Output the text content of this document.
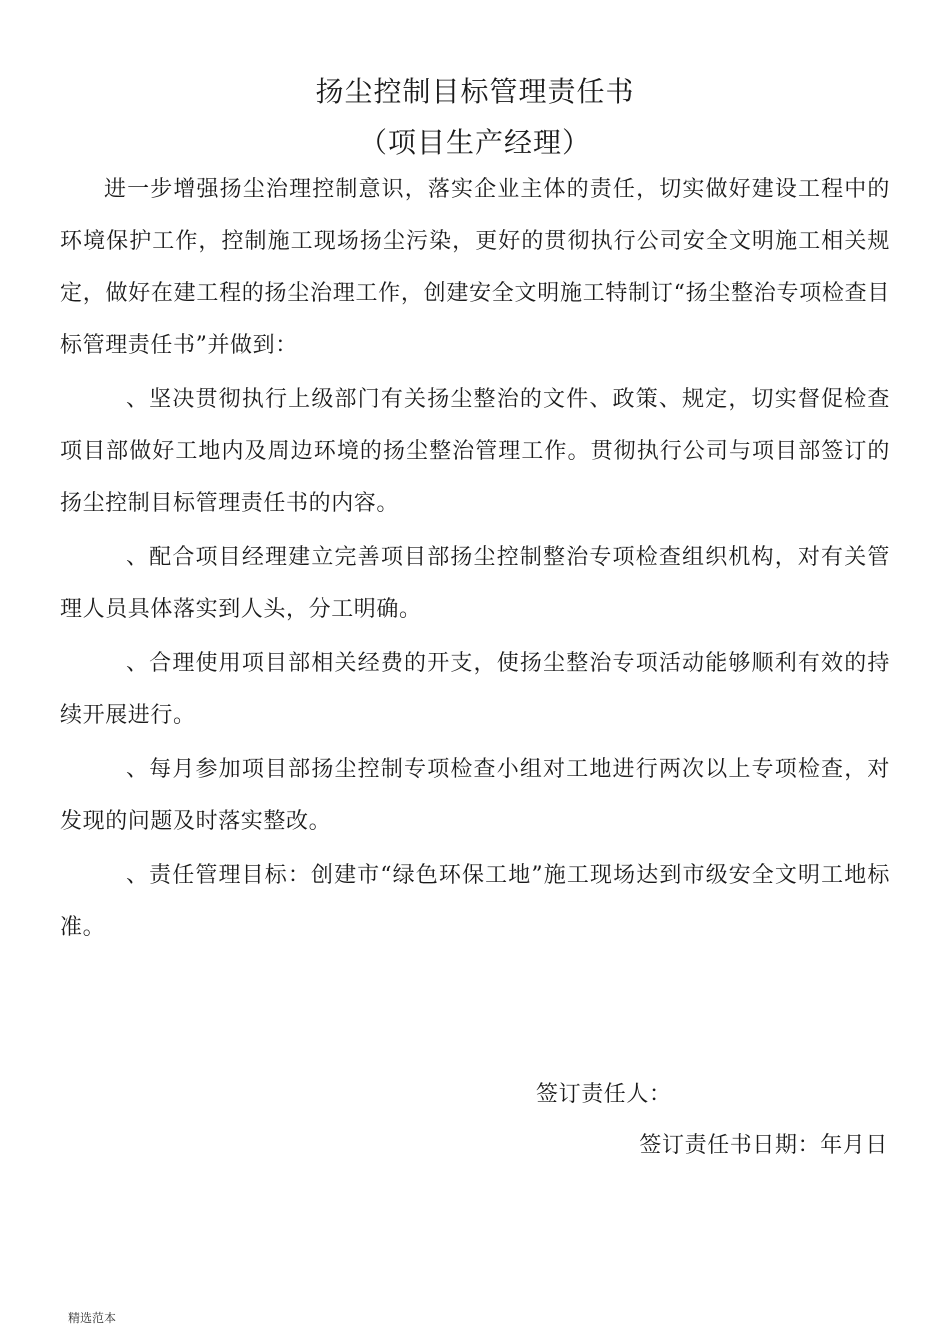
扬尘控制目标管理责任书
（项目生产经理）

进一步增强扬尘治理控制意识，落实企业主体的责任，切实做好建设工程中的环境保护工作，控制施工现场扬尘污染，更好的贯彻执行公司安全文明施工相关规定，做好在建工程的扬尘治理工作，创建安全文明施工特制订“扬尘整治专项检查目标管理责任书”并做到：

、坚决贯彻执行上级部门有关扬尘整治的文件、政策、规定，切实督促检查项目部做好工地内及周边环境的扬尘整治管理工作。贯彻执行公司与项目部签订的扬尘控制目标管理责任书的内容。

、配合项目经理建立完善项目部扬尘控制整治专项检查组织机构，对有关管理人员具体落实到人头，分工明确。

、合理使用项目部相关经费的开支，使扬尘整治专项活动能够顺利有效的持续开展进行。

、每月参加项目部扬尘控制专项检查小组对工地进行两次以上专项检查，对发现的问题及时落实整改。

、责任管理目标：创建市“绿色环保工地”施工现场达到市级安全文明工地标准。

签订责任人：
签订责任书日期：年月日
精选范本
